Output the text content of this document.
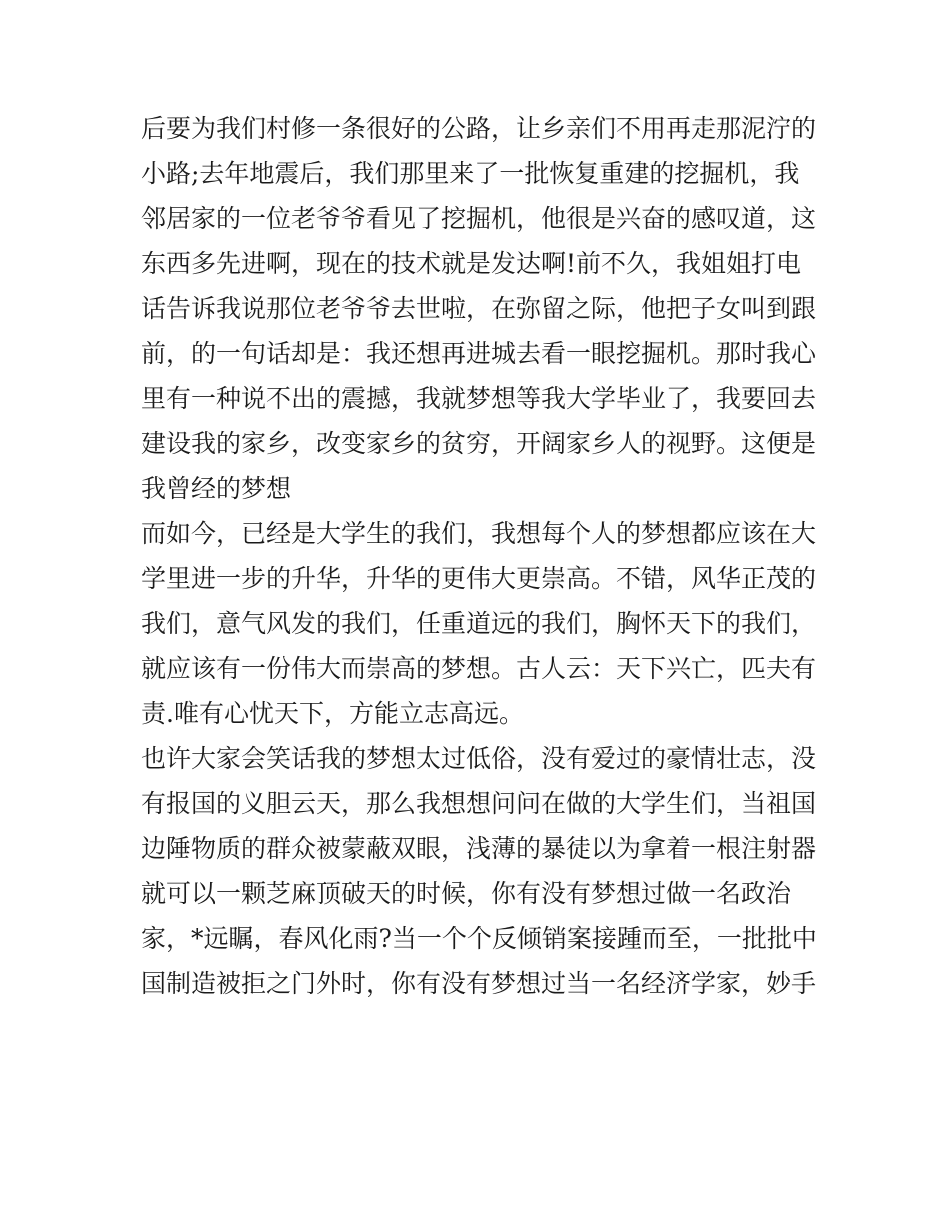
后要为我们村修一条很好的公路，让乡亲们不用再走那泥泞的
小路;去年地震后，我们那里来了一批恢复重建的挖掘机，我
邻居家的一位老爷爷看见了挖掘机，他很是兴奋的感叹道，这
东西多先进啊，现在的技术就是发达啊!前不久，我姐姐打电
话告诉我说那位老爷爷去世啦，在弥留之际，他把子女叫到跟
前，的一句话却是：我还想再进城去看一眼挖掘机。那时我心
里有一种说不出的震撼，我就梦想等我大学毕业了，我要回去
建设我的家乡，改变家乡的贫穷，开阔家乡人的视野。这便是
我曾经的梦想
而如今，已经是大学生的我们，我想每个人的梦想都应该在大
学里进一步的升华，升华的更伟大更崇高。不错，风华正茂的
我们，意气风发的我们，任重道远的我们，胸怀天下的我们，
就应该有一份伟大而崇高的梦想。古人云：天下兴亡，匹夫有
责.唯有心忧天下，方能立志高远。
也许大家会笑话我的梦想太过低俗，没有爱过的豪情壮志，没
有报国的义胆云天，那么我想想问问在做的大学生们，当祖国
边陲物质的群众被蒙蔽双眼，浅薄的暴徒以为拿着一根注射器
就可以一颗芝麻顶破天的时候，你有没有梦想过做一名政治
家，*远瞩，春风化雨?当一个个反倾销案接踵而至，一批批中
国制造被拒之门外时，你有没有梦想过当一名经济学家，妙手
